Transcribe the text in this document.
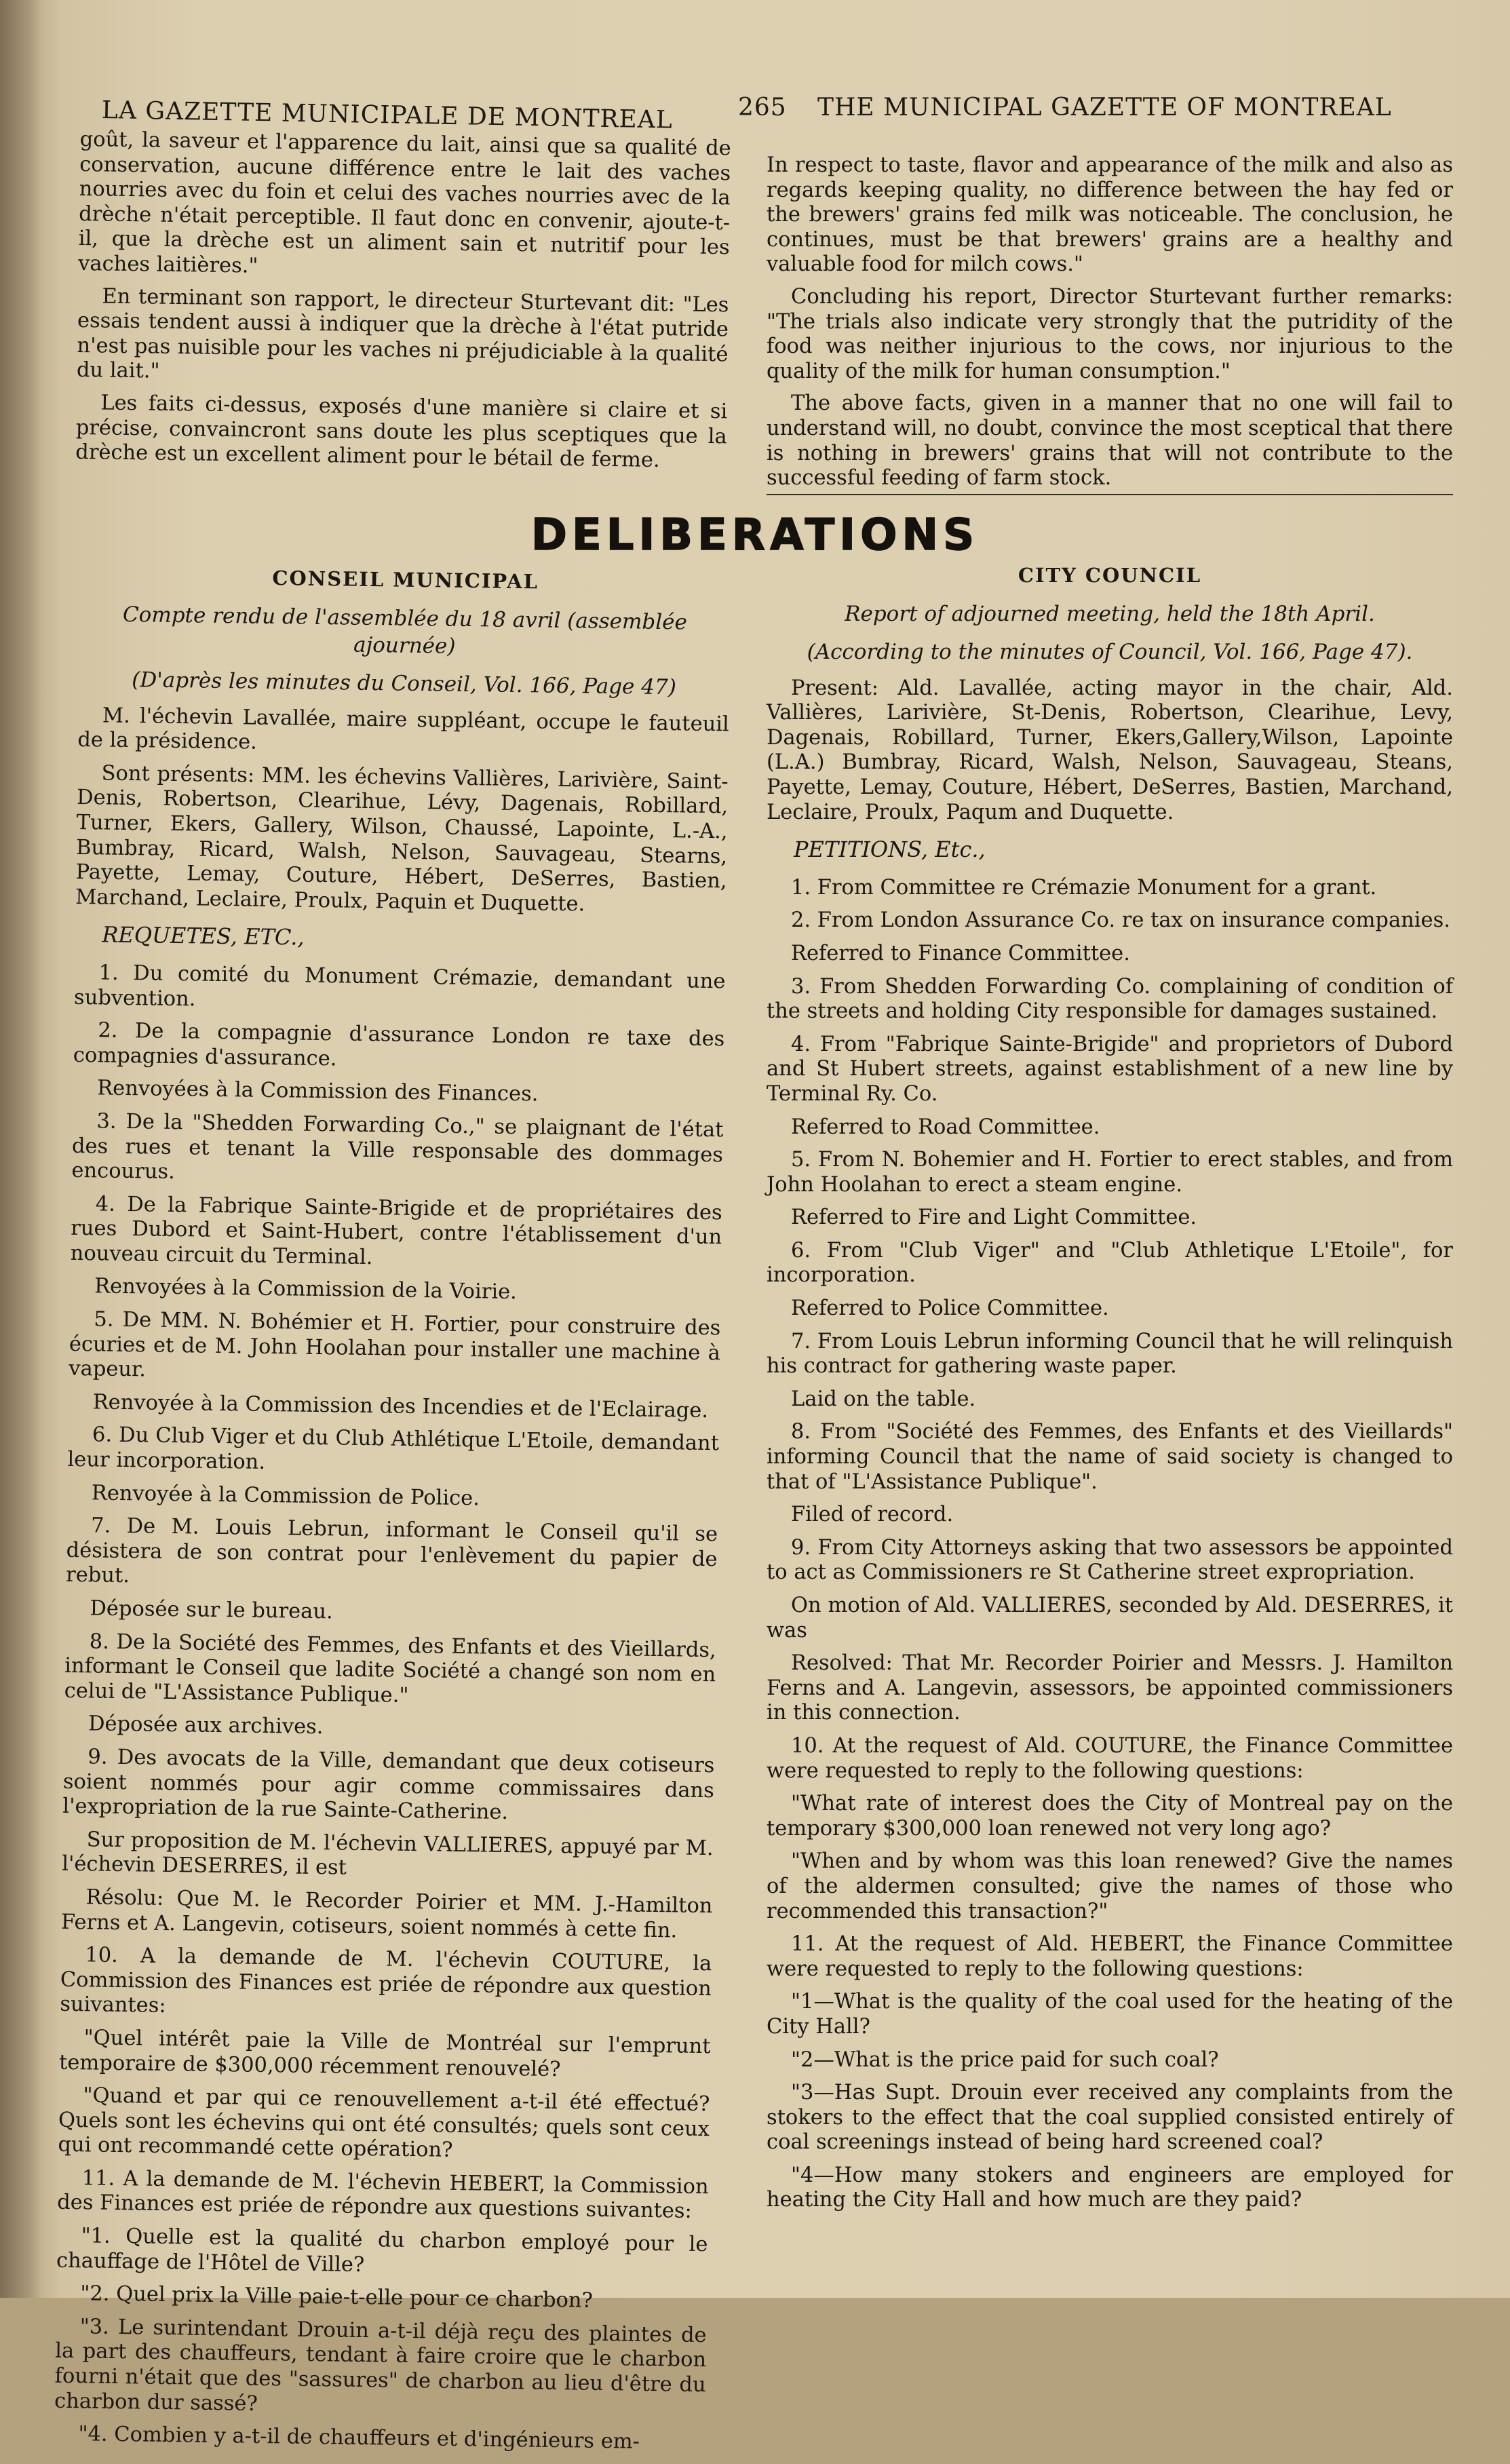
LA GAZETTE MUNICIPALE DE MONTREAL	265 THE MUNICIPAL GAZETTE OF MONTREAL

goût, la saveur et l'apparence du lait, ainsi que sa qualité de conservation, aucune différence entre le lait des vaches nourries avec du foin et celui des vaches nourries avec de la drèche n'était perceptible. Il faut donc en convenir, ajoute-t-il, que la drèche est un aliment sain et nutritif pour les vaches laitières."

En terminant son rapport, le directeur Sturtevant dit: "Les essais tendent aussi à indiquer que la drèche à l'état putride n'est pas nuisible pour les vaches ni préjudiciable à la qualité du lait."

Les faits ci-dessus, exposés d'une manière si claire et si précise, convaincront sans doute les plus sceptiques que la drèche est un excellent aliment pour le bétail de ferme.

In respect to taste, flavor and appearance of the milk and also as regards keeping quality, no difference between the hay fed or the brewers' grains fed milk was noticeable. The conclusion, he continues, must be that brewers' grains are a healthy and valuable food for milch cows."

Concluding his report, Director Sturtevant further remarks: "The trials also indicate very strongly that the putridity of the food was neither injurious to the cows, nor injurious to the quality of the milk for human consumption."

The above facts, given in a manner that no one will fail to understand will, no doubt, convince the most sceptical that there is nothing in brewers' grains that will not contribute to the successful feeding of farm stock.

DELIBERATIONS
CONSEIL MUNICIPAL
Compte rendu de l'assemblée du 18 avril (assemblée ajournée)
(D'après les minutes du Conseil, Vol. 166, Page 47)

M. l'échevin Lavallée, maire suppléant, occupe le fauteuil de la présidence.

Sont présents: MM. les échevins Vallières, Larivière, Saint-Denis, Robertson, Clearihue, Lévy, Dagenais, Robillard, Turner, Ekers, Gallery, Wilson, Chaussé, Lapointe, L.-A., Bumbray, Ricard, Walsh, Nelson, Sauvageau, Stearns, Payette, Lemay, Couture, Hébert, DeSerres, Bastien, Marchand, Leclaire, Proulx, Paquin et Duquette.

REQUETES, ETC.,

1. Du comité du Monument Crémazie, demandant une subvention.

2. De la compagnie d'assurance London re taxe des compagnies d'assurance.

Renvoyées à la Commission des Finances.

3. De la "Shedden Forwarding Co.," se plaignant de l'état des rues et tenant la Ville responsable des dommages encourus.

4. De la Fabrique Sainte-Brigide et de propriétaires des rues Dubord et Saint-Hubert, contre l'établissement d'un nouveau circuit du Terminal.

Renvoyées à la Commission de la Voirie.

5. De MM. N. Bohémier et H. Fortier, pour construire des écuries et de M. John Hoolahan pour installer une machine à vapeur.

Renvoyée à la Commission des Incendies et de l'Eclairage.

6. Du Club Viger et du Club Athlétique L'Etoile, demandant leur incorporation.

Renvoyée à la Commission de Police.

7. De M. Louis Lebrun, informant le Conseil qu'il se désistera de son contrat pour l'enlèvement du papier de rebut.

Déposée sur le bureau.

8. De la Société des Femmes, des Enfants et des Vieillards, informant le Conseil que ladite Société a changé son nom en celui de "L'Assistance Publique."

Déposée aux archives.

9. Des avocats de la Ville, demandant que deux cotiseurs soient nommés pour agir comme commissaires dans l'expropriation de la rue Sainte-Catherine.

Sur proposition de M. l'échevin VALLIERES, appuyé par M. l'échevin DESERRES, il est

Résolu: Que M. le Recorder Poirier et MM. J.-Hamilton Ferns et A. Langevin, cotiseurs, soient nommés à cette fin.

10. A la demande de M. l'échevin COUTURE, la Commission des Finances est priée de répondre aux question suivantes:

"Quel intérêt paie la Ville de Montréal sur l'emprunt temporaire de $300,000 récemment renouvelé?

"Quand et par qui ce renouvellement a-t-il été effectué? Quels sont les échevins qui ont été consultés; quels sont ceux qui ont recommandé cette opération?

11. A la demande de M. l'échevin HEBERT, la Commission des Finances est priée de répondre aux questions suivantes:

"1. Quelle est la qualité du charbon employé pour le chauffage de l'Hôtel de Ville?

"2. Quel prix la Ville paie-t-elle pour ce charbon?

"3. Le surintendant Drouin a-t-il déjà reçu des plaintes de la part des chauffeurs, tendant à faire croire que le charbon fourni n'était que des "sassures" de charbon au lieu d'être du charbon dur sassé?

"4. Combien y a-t-il de chauffeurs et d'ingénieurs em-

CITY COUNCIL
Report of adjourned meeting, held the 18th April.
(According to the minutes of Council, Vol. 166, Page 47).

Present: Ald. Lavallée, acting mayor in the chair, Ald. Vallières, Larivière, St-Denis, Robertson, Clearihue, Levy, Dagenais, Robillard, Turner, Ekers,Gallery,Wilson, Lapointe (L.A.) Bumbray, Ricard, Walsh, Nelson, Sauvageau, Steans, Payette, Lemay, Couture, Hébert, DeSerres, Bastien, Marchand, Leclaire, Proulx, Paqum and Duquette.

PETITIONS, Etc.,

1. From Committee re Crémazie Monument for a grant.

2. From London Assurance Co. re tax on insurance companies.

Referred to Finance Committee.

3. From Shedden Forwarding Co. complaining of condition of the streets and holding City responsible for damages sustained.

4. From "Fabrique Sainte-Brigide" and proprietors of Dubord and St Hubert streets, against establishment of a new line by Terminal Ry. Co.

Referred to Road Committee.

5. From N. Bohemier and H. Fortier to erect stables, and from John Hoolahan to erect a steam engine.

Referred to Fire and Light Committee.

6. From "Club Viger" and "Club Athletique L'Etoile", for incorporation.

Referred to Police Committee.

7. From Louis Lebrun informing Council that he will relinquish his contract for gathering waste paper.

Laid on the table.

8. From "Société des Femmes, des Enfants et des Vieillards" informing Council that the name of said society is changed to that of "L'Assistance Publique".

Filed of record.

9. From City Attorneys asking that two assessors be appointed to act as Commissioners re St Catherine street expropriation.

On motion of Ald. VALLIERES, seconded by Ald. DESERRES, it was

Resolved: That Mr. Recorder Poirier and Messrs. J. Hamilton Ferns and A. Langevin, assessors, be appointed commissioners in this connection.

10. At the request of Ald. COUTURE, the Finance Committee were requested to reply to the following questions:

"What rate of interest does the City of Montreal pay on the temporary $300,000 loan renewed not very long ago?

"When and by whom was this loan renewed? Give the names of the aldermen consulted; give the names of those who recommended this transaction?"

11. At the request of Ald. HEBERT, the Finance Committee were requested to reply to the following questions:

"1—What is the quality of the coal used for the heating of the City Hall?

"2—What is the price paid for such coal?

"3—Has Supt. Drouin ever received any complaints from the stokers to the effect that the coal supplied consisted entirely of coal screenings instead of being hard screened coal?

"4—How many stokers and engineers are employed for heating the City Hall and how much are they paid?
